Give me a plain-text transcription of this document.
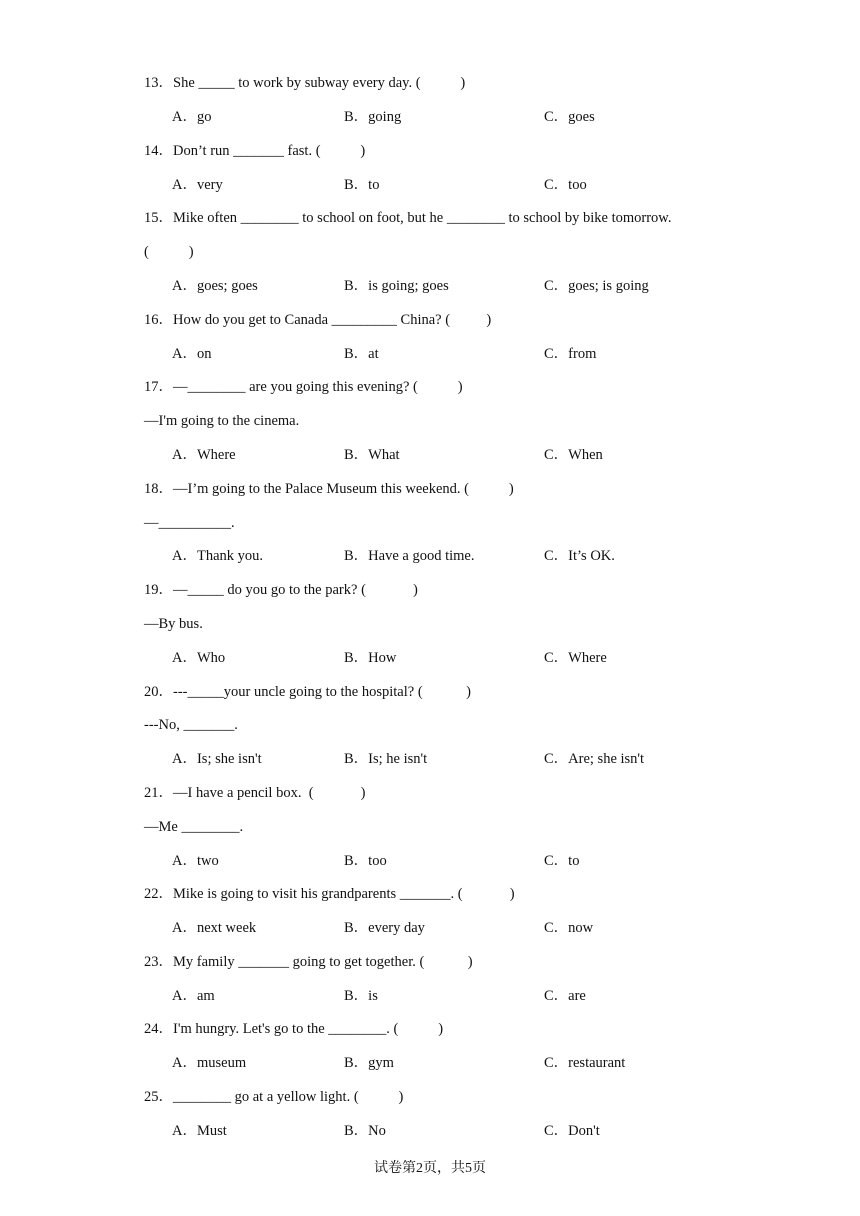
13．She _____ to work by subway every day. (           )
A．go	B．going	C．goes
14．Don’t run _______ fast. (           )
A．very	B．to	C．too
15．Mike often ________ to school on foot, but he ________ to school by bike tomorrow.
(           )
A．goes; goes	B．is going; goes	C．goes; is going
16．How do you get to Canada _________ China? (          )
A．on	B．at	C．from
17．—________ are you going this evening? (           )
—I'm going to the cinema.
A．Where	B．What	C．When
18．—I’m going to the Palace Museum this weekend. (           )
—__________.
A．Thank you.	B．Have a good time.	C．It’s OK.
19．—_____ do you go to the park? (             )
—By bus.
A．Who	B．How	C．Where
20．---_____your uncle going to the hospital? (            )
---No, _______.
A．Is; she isn't	B．Is; he isn't	C．Are; she isn't
21．—I have a pencil box.  (             )
—Me ________.
A．two	B．too	C．to
22．Mike is going to visit his grandparents _______. (             )
A．next week	B．every day	C．now
23．My family _______ going to get together. (            )
A．am	B．is	C．are
24．I'm hungry. Let's go to the ________. (           )
A．museum	B．gym	C．restaurant
25．________ go at a yellow light. (           )
A．Must	B．No	C．Don't
试卷第2页，共5页
